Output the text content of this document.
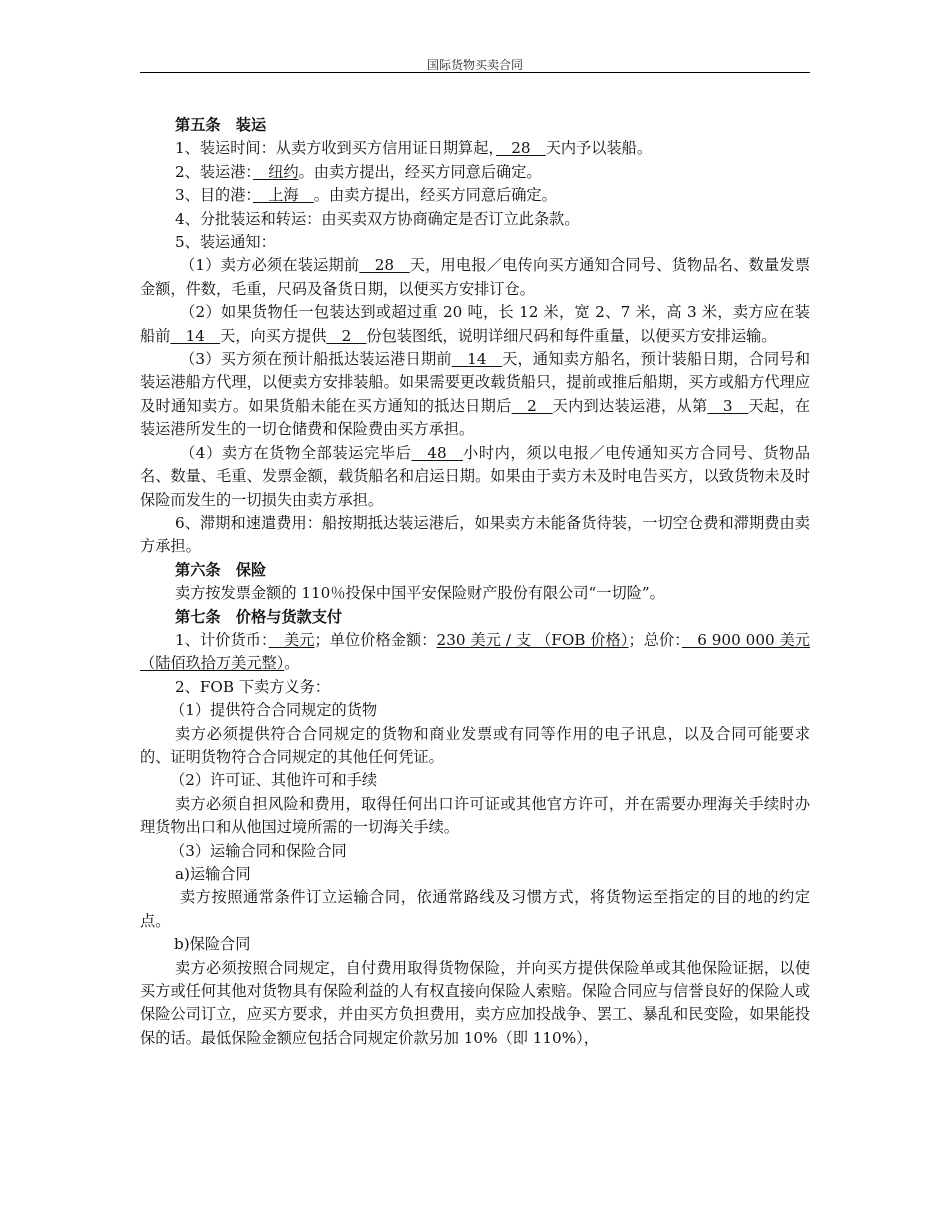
国际货物买卖合同

第五条　装运

1、装运时间：从卖方收到买方信用证日期算起，　28　天内予以装船。

2、装运港：　纽约。由卖方提出，经买方同意后确定。

3、目的港：　上海　。由卖方提出，经买方同意后确定。

4、分批装运和转运：由买卖双方协商确定是否订立此条款。

5、装运通知：

（1）卖方必须在装运期前　28　天，用电报／电传向买方通知合同号、货物品名、数量发票金额，件数，毛重，尺码及备货日期，以便买方安排订仓。

（2）如果货物任一包装达到或超过重 20 吨，长 12 米，宽 2、7 米，高 3 米，卖方应在装船前　14　天，向买方提供　2　份包装图纸，说明详细尺码和每件重量，以便买方安排运输。

（3）买方须在预计船抵达装运港日期前　14　天，通知卖方船名，预计装船日期，合同号和装运港船方代理，以便卖方安排装船。如果需要更改载货船只，提前或推后船期，买方或船方代理应及时通知卖方。如果货船未能在买方通知的抵达日期后　2　天内到达装运港，从第　3　天起，在装运港所发生的一切仓储费和保险费由买方承担。

（4）卖方在货物全部装运完毕后　48　小时内，须以电报／电传通知买方合同号、货物品名、数量、毛重、发票金额，载货船名和启运日期。如果由于卖方未及时电告买方，以致货物未及时保险而发生的一切损失由卖方承担。

6、滞期和速遣费用：船按期抵达装运港后，如果卖方未能备货待装，一切空仓费和滞期费由卖方承担。

第六条　保险

卖方按发票金额的 110％投保中国平安保险财产股份有限公司“一切险”。

第七条　价格与货款支付

1、计价货币：　美元；单位价格金额：230 美元 / 支 （FOB 价格）；总价：　6 900 000 美元（陆佰玖拾万美元整）。

2、FOB 下卖方义务：

（1）提供符合合同规定的货物

卖方必须提供符合合同规定的货物和商业发票或有同等作用的电子讯息，以及合同可能要求的、证明货物符合合同规定的其他任何凭证。

（2）许可证、其他许可和手续

卖方必须自担风险和费用，取得任何出口许可证或其他官方许可，并在需要办理海关手续时办理货物出口和从他国过境所需的一切海关手续。

（3）运输合同和保险合同

a)运输合同

卖方按照通常条件订立运输合同，依通常路线及习惯方式，将货物运至指定的目的地的约定点。

b)保险合同

卖方必须按照合同规定，自付费用取得货物保险，并向买方提供保险单或其他保险证据，以使买方或任何其他对货物具有保险利益的人有权直接向保险人索赔。保险合同应与信誉良好的保险人或保险公司订立，应买方要求，并由买方负担费用，卖方应加投战争、罢工、暴乱和民变险，如果能投保的话。最低保险金额应包括合同规定价款另加 10%（即 110%），
